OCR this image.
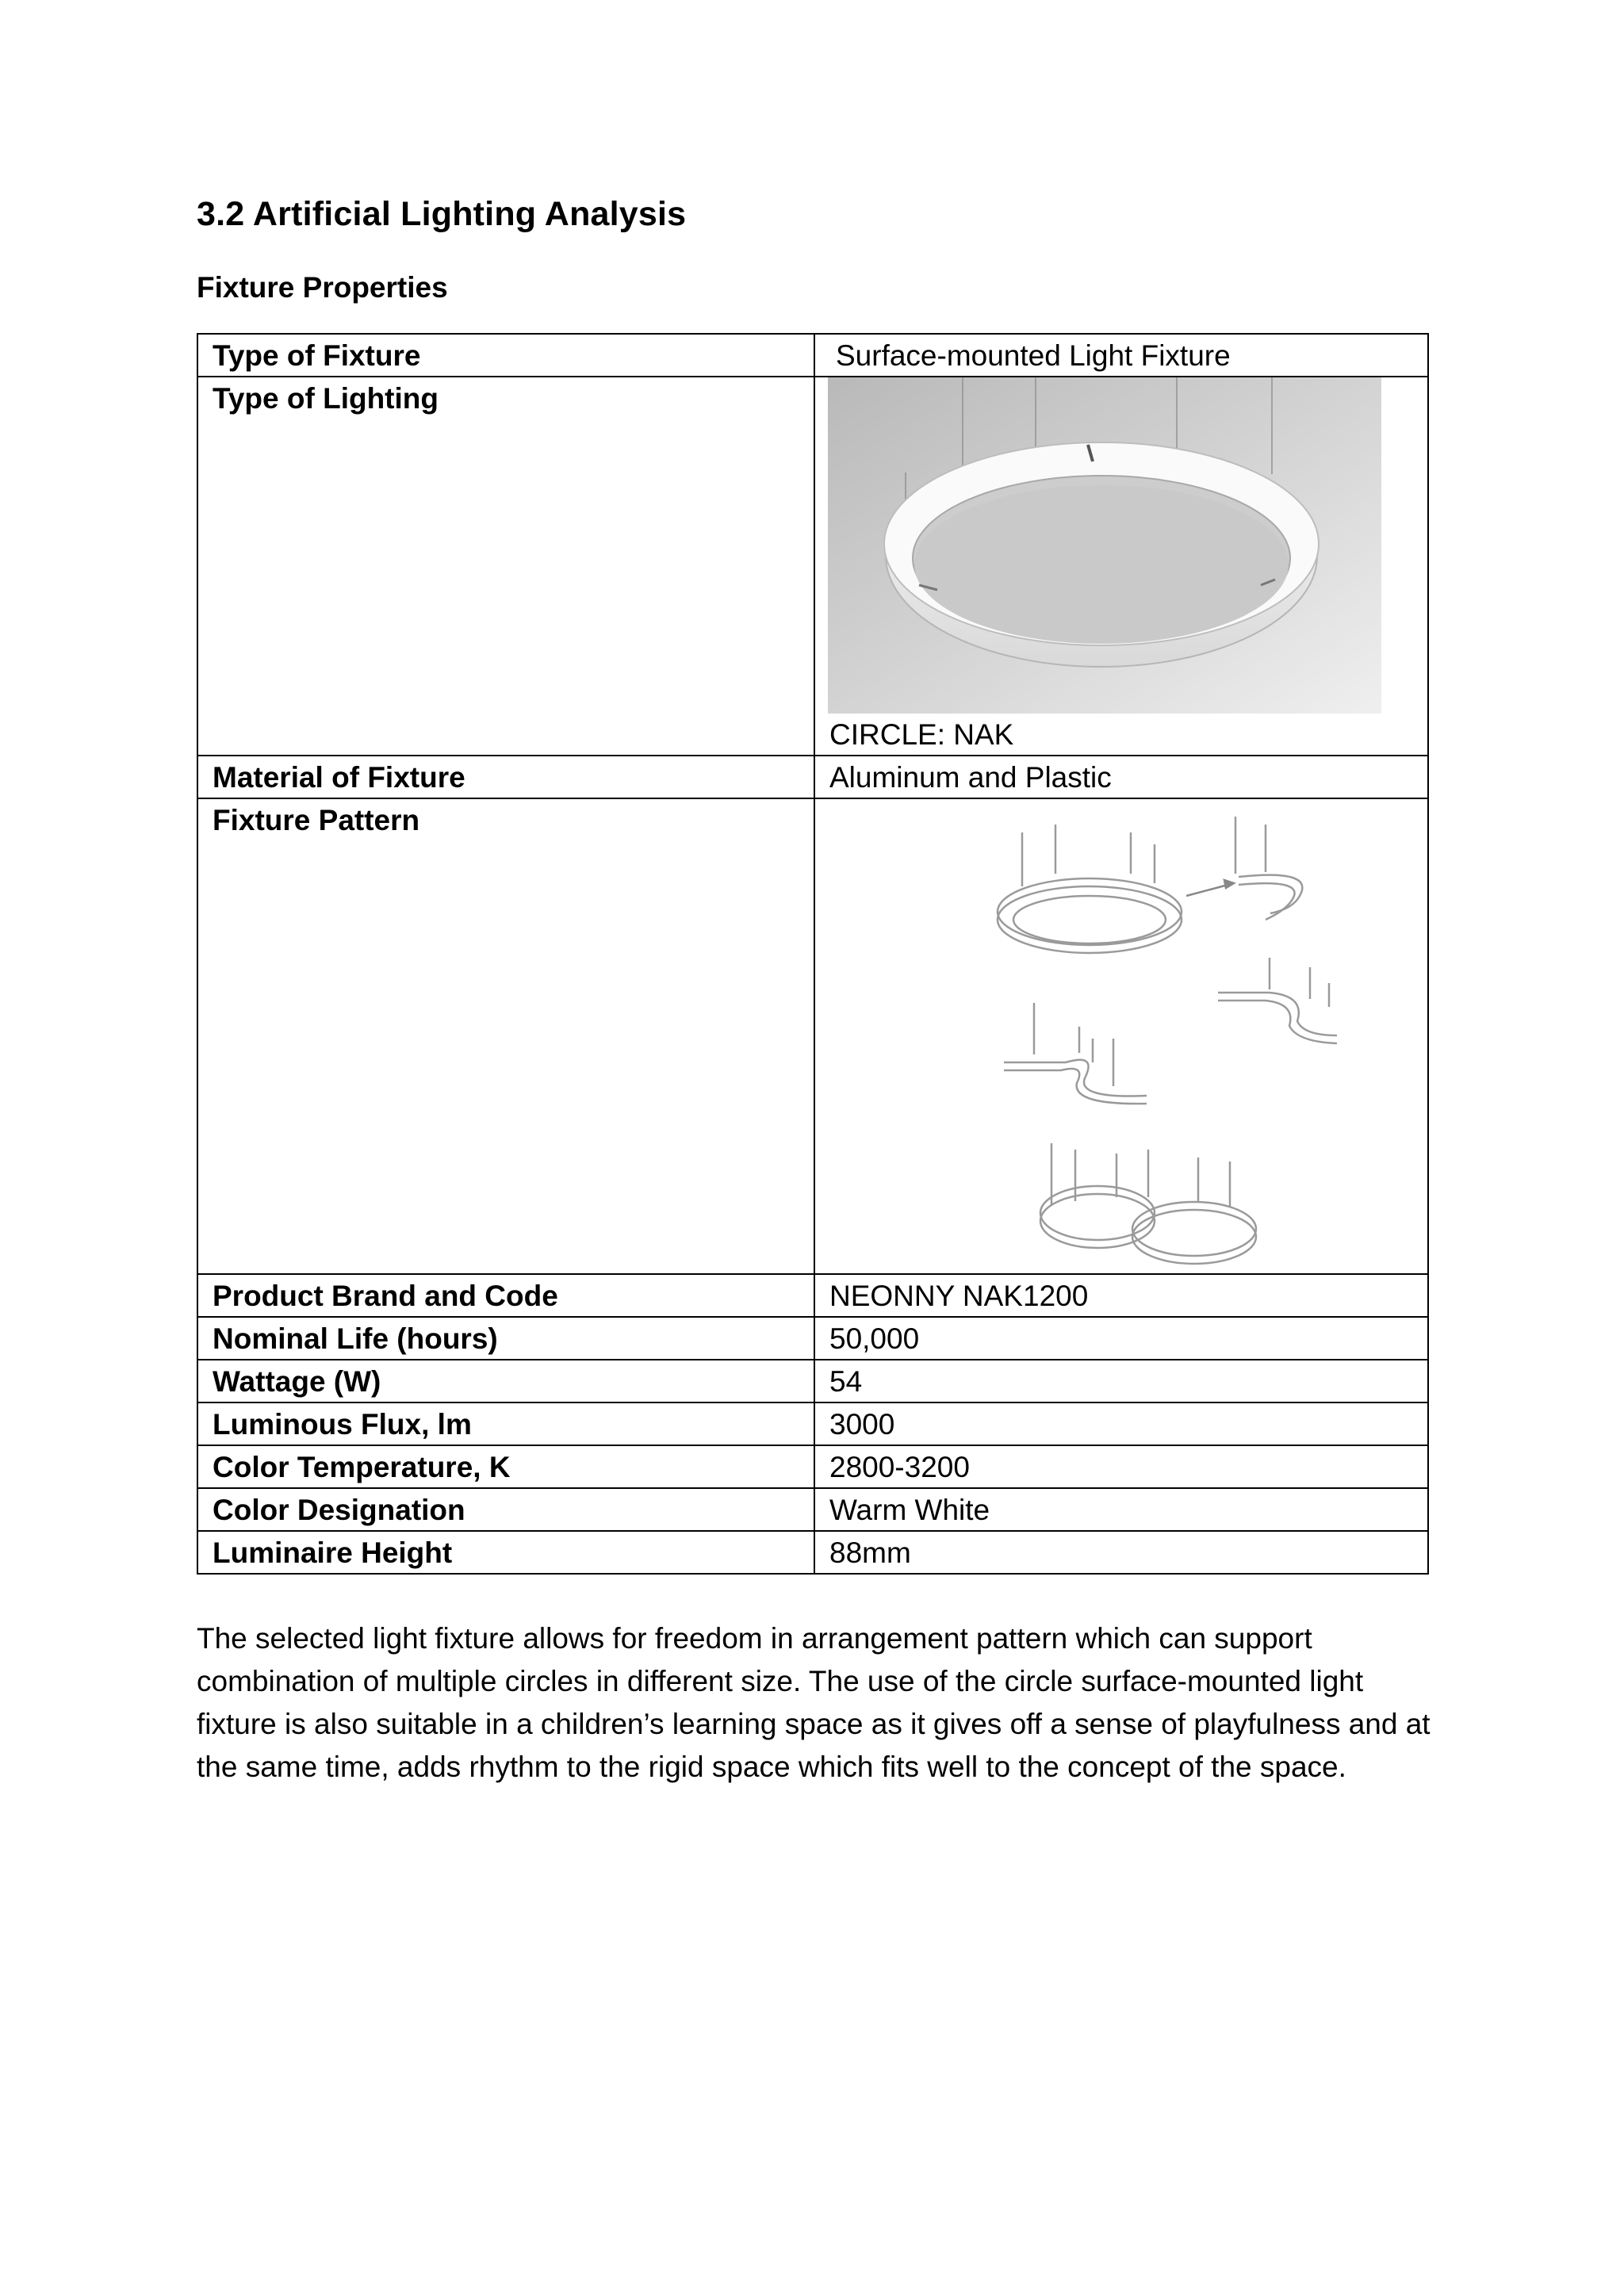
3.2 Artificial Lighting Analysis
Fixture Properties
Type of Fixture	Surface-mounted Light Fixture
Type of Lighting	CIRCLE: NAK

Material of Fixture	Aluminum and Plastic
Fixture Pattern	

Product Brand and Code	NEONNY NAK1200
Nominal Life (hours)	50,000
Wattage (W)	54
Luminous Flux, lm	3000
Color Temperature, K	2800-3200
Color Designation	Warm White
Luminaire Height	88mm

The selected light fixture allows for freedom in arrangement pattern which can support combination of multiple circles in different size. The use of the circle surface-mounted light fixture is also suitable in a children’s learning space as it gives off a sense of playfulness and at the same time, adds rhythm to the rigid space which fits well to the concept of the space.
